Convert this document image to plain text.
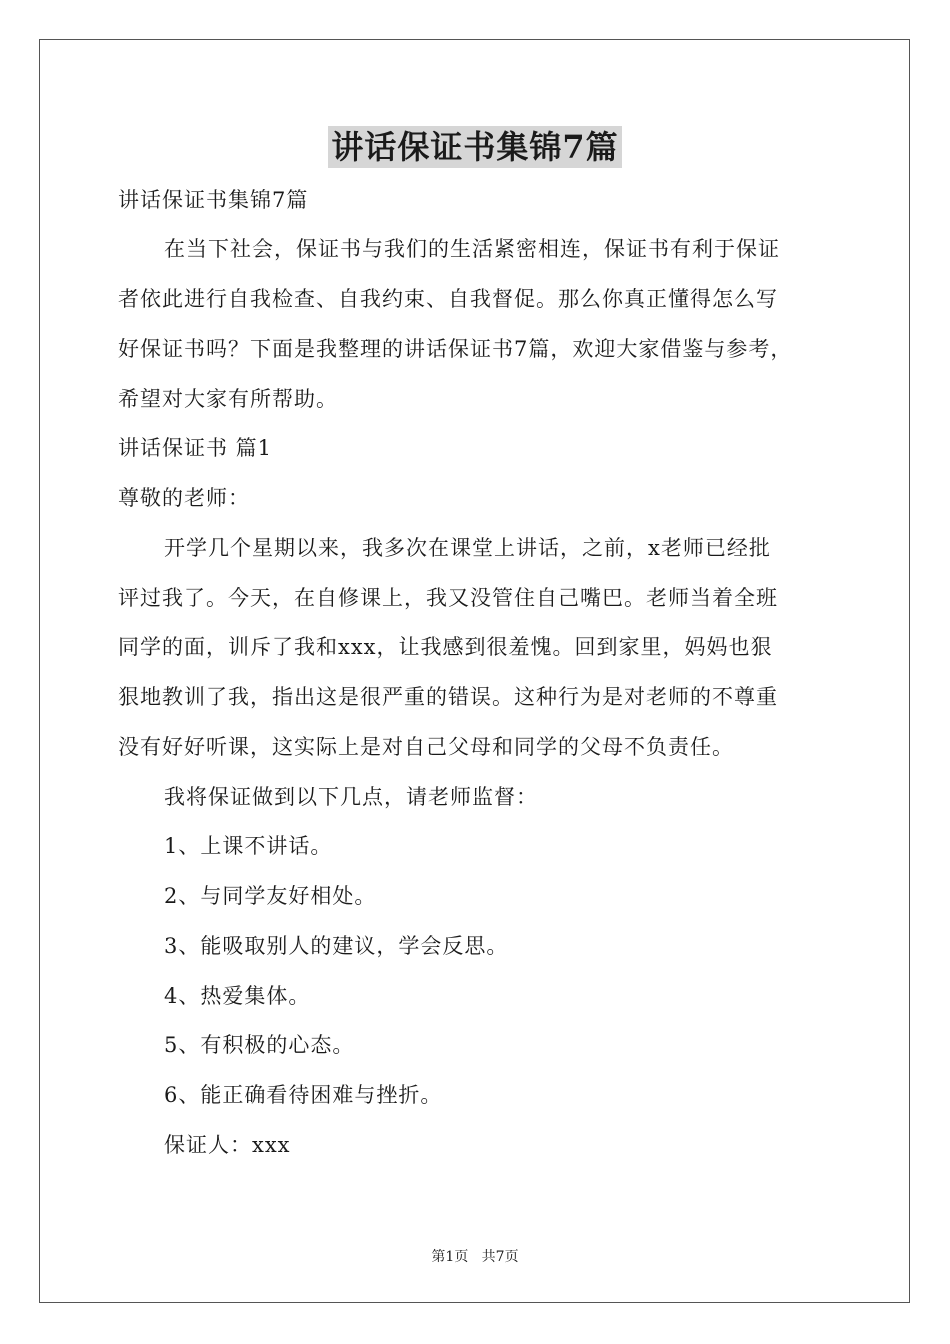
讲话保证书集锦7篇
讲话保证书集锦7篇
在当下社会，保证书与我们的生活紧密相连，保证书有利于保证
者依此进行自我检查、自我约束、自我督促。那么你真正懂得怎么写
好保证书吗？下面是我整理的讲话保证书7篇，欢迎大家借鉴与参考，
希望对大家有所帮助。
讲话保证书 篇1
尊敬的老师：
开学几个星期以来，我多次在课堂上讲话，之前，x老师已经批
评过我了。今天，在自修课上，我又没管住自己嘴巴。老师当着全班
同学的面，训斥了我和xxx，让我感到很羞愧。回到家里，妈妈也狠
狠地教训了我，指出这是很严重的错误。这种行为是对老师的不尊重
没有好好听课，这实际上是对自己父母和同学的父母不负责任。
我将保证做到以下几点，请老师监督：
1、上课不讲话。
2、与同学友好相处。
3、能吸取别人的建议，学会反思。
4、热爱集体。
5、有积极的心态。
6、能正确看待困难与挫折。
保证人：xxx
第1页   共7页
